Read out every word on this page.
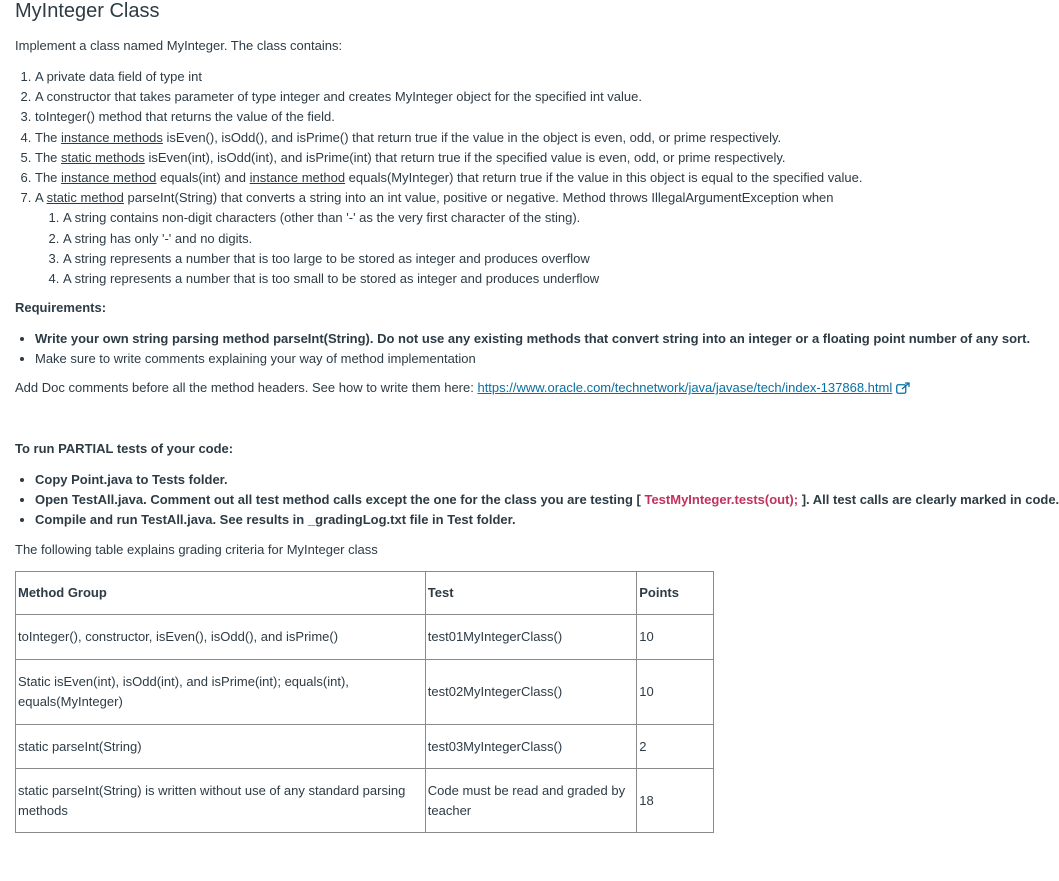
MyInteger Class
Implement a class named MyInteger. The class contains:
1. A private data field of type int
2. A constructor that takes parameter of type integer and creates MyInteger object for the specified int value.
3. toInteger() method that returns the value of the field.
4. The instance methods isEven(), isOdd(), and isPrime() that return true if the value in the object is even, odd, or prime respectively.
5. The static methods isEven(int), isOdd(int), and isPrime(int) that return true if the specified value is even, odd, or prime respectively.
6. The instance method equals(int) and instance method equals(MyInteger) that return true if the value in this object is equal to the specified value.
7. A static method parseInt(String) that converts a string into an int value, positive or negative. Method throws IllegalArgumentException when
1. A string contains non-digit characters (other than '-' as the very first character of the sting).
2. A string has only '-' and no digits.
3. A string represents a number that is too large to be stored as integer and produces overflow
4. A string represents a number that is too small to be stored as integer and produces underflow
Requirements:
• Write your own string parsing method parseInt(String). Do not use any existing methods that convert string into an integer or a floating point number of any sort.
• Make sure to write comments explaining your way of method implementation
Add Doc comments before all the method headers. See how to write them here: https://www.oracle.com/technetwork/java/javase/tech/index-137868.html
To run PARTIAL tests of your code:
• Copy Point.java to Tests folder.
• Open TestAll.java. Comment out all test method calls except the one for the class you are testing [ TestMyInteger.tests(out); ]. All test calls are clearly marked in code.
• Compile and run TestAll.java. See results in _gradingLog.txt file in Test folder.
The following table explains grading criteria for MyInteger class
Method Group	Test	Points
toInteger(), constructor, isEven(), isOdd(), and isPrime()	test01MyIntegerClass()	10
Static isEven(int), isOdd(int), and isPrime(int); equals(int), equals(MyInteger)	test02MyIntegerClass()	10
static parseInt(String)	test03MyIntegerClass()	2
static parseInt(String) is written without use of any standard parsing methods	Code must be read and graded by teacher	18
